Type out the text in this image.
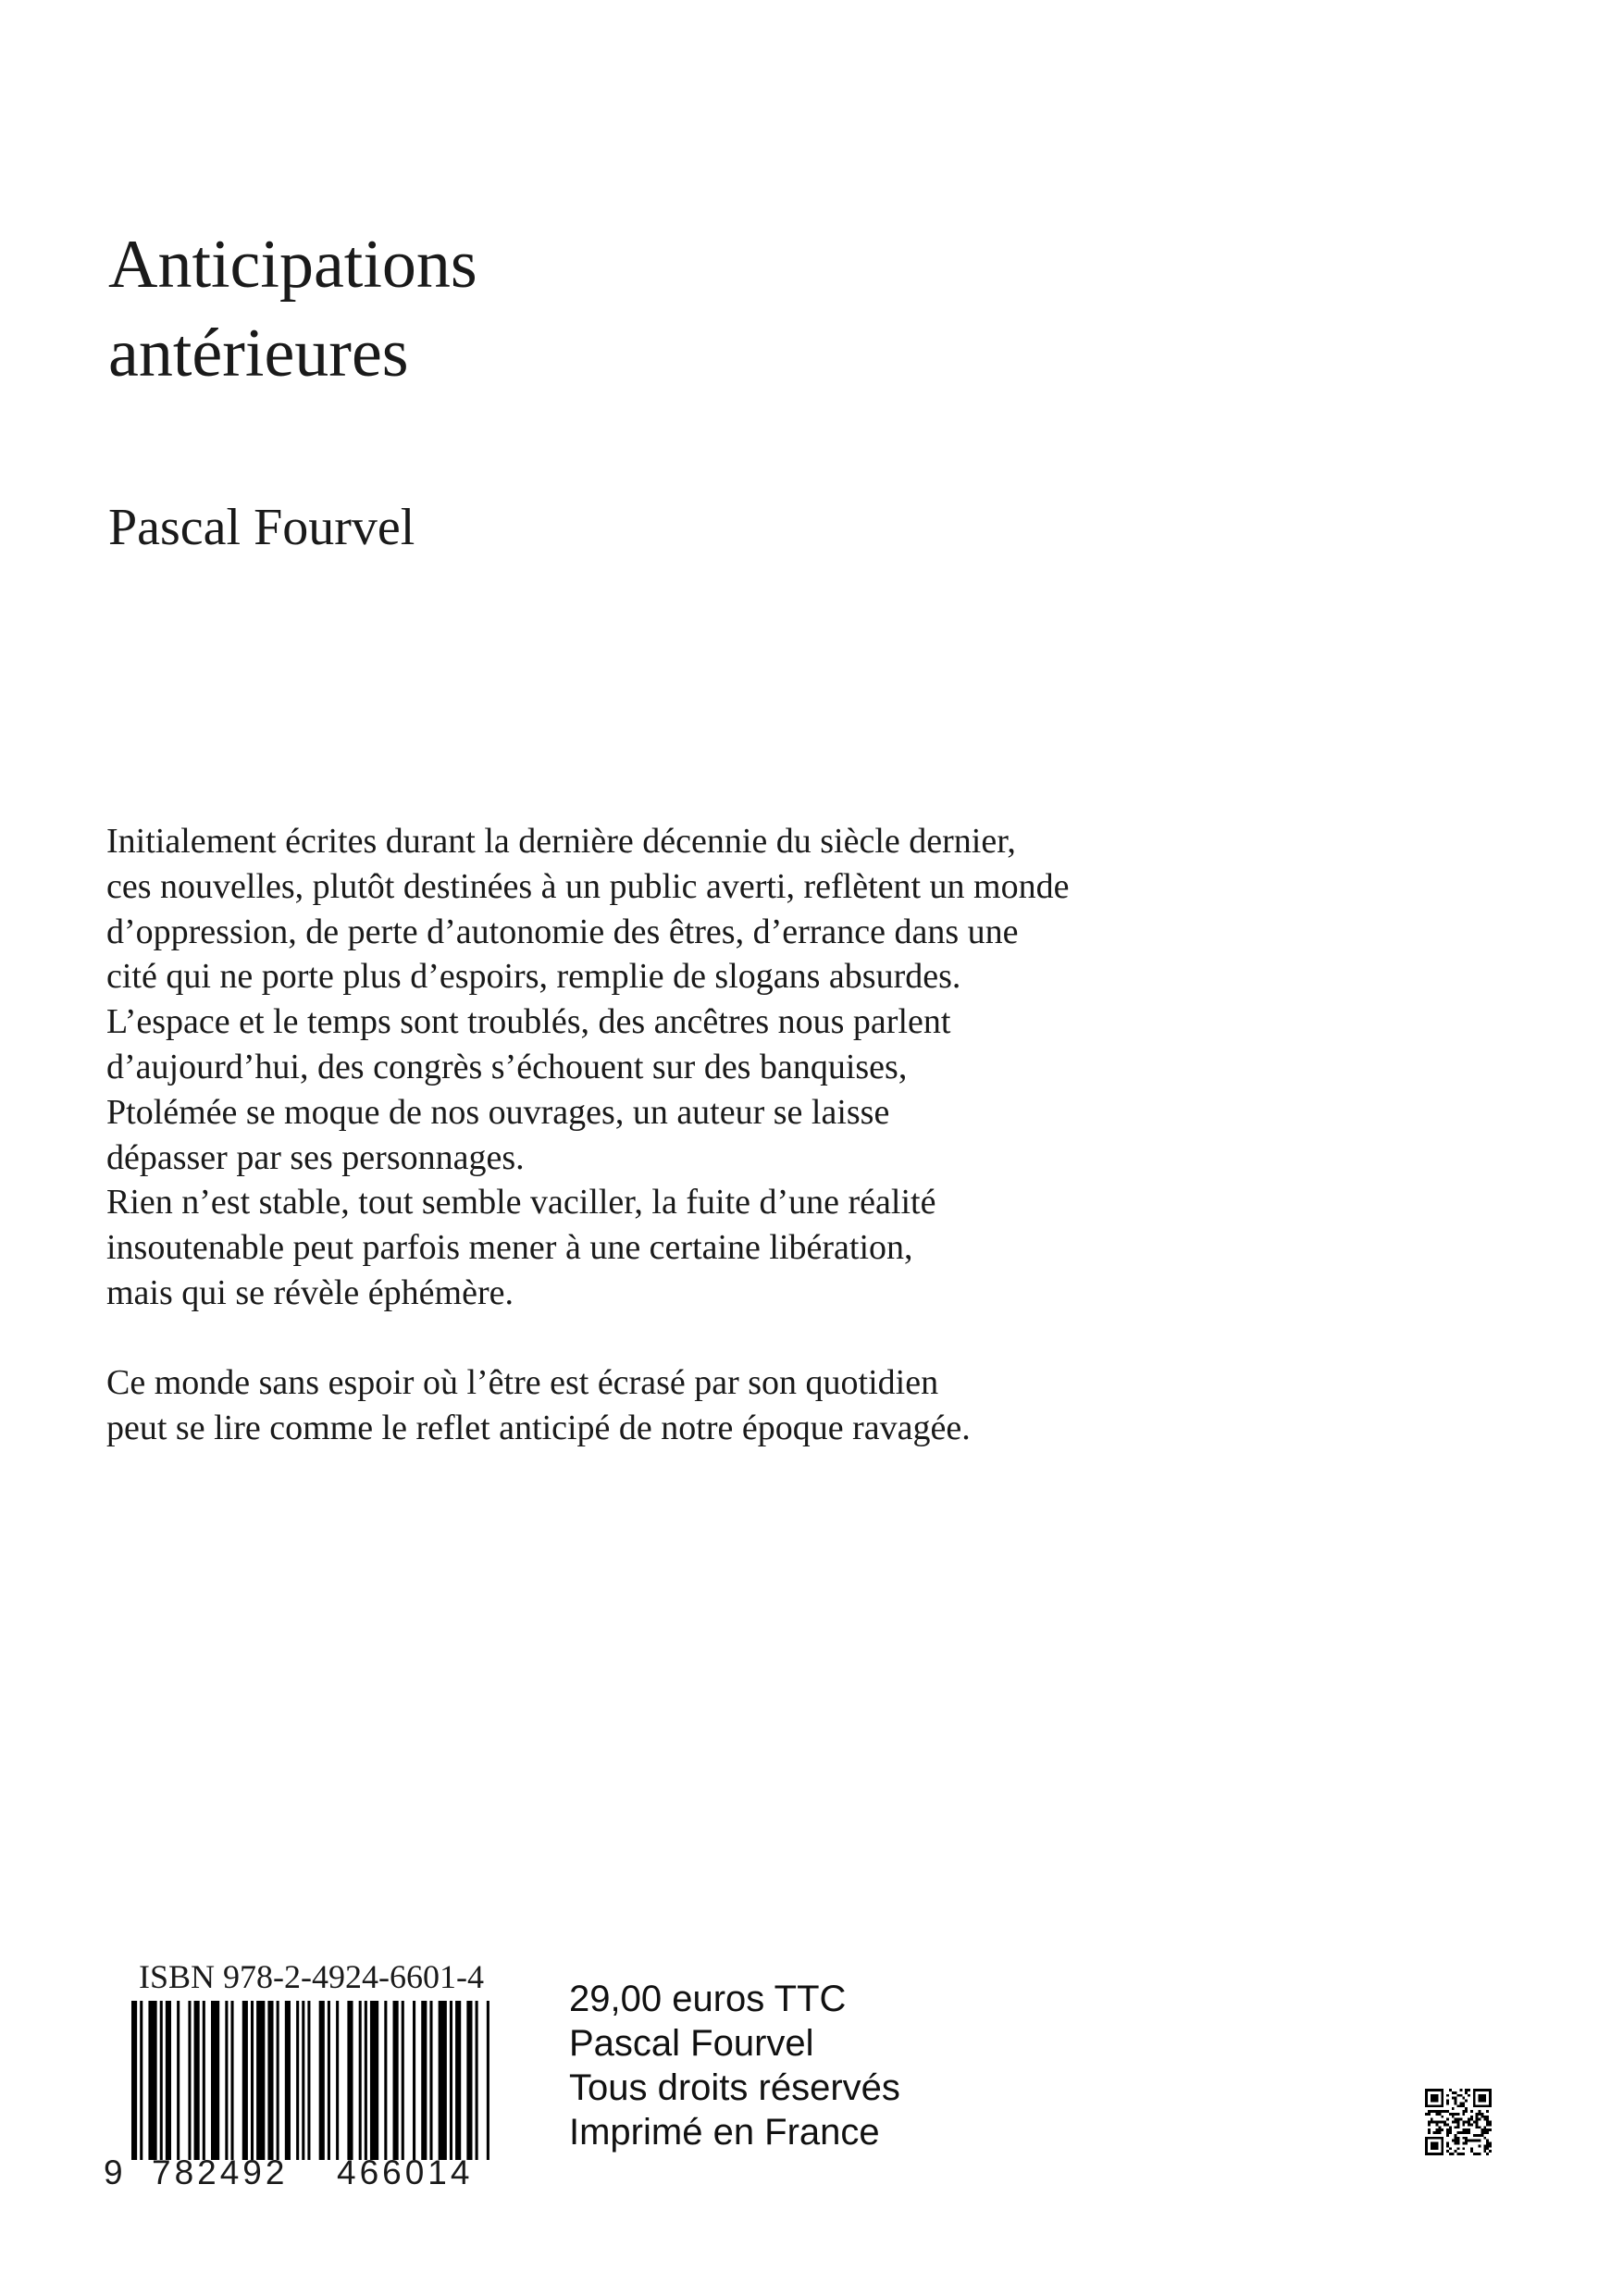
Anticipations
antérieures

Pascal Fourvel

Initialement écrites durant la dernière décennie du siècle dernier,
ces nouvelles, plutôt destinées à un public averti, reflètent un monde
d’oppression, de perte d’autonomie des êtres, d’errance dans une
cité qui ne porte plus d’espoirs, remplie de slogans absurdes.
L’espace et le temps sont troublés, des ancêtres nous parlent
d’aujourd’hui, des congrès s’échouent sur des banquises,
Ptolémée se moque de nos ouvrages, un auteur se laisse
dépasser par ses personnages.
Rien n’est stable, tout semble vaciller, la fuite d’une réalité
insoutenable peut parfois mener à une certaine libération,
mais qui se révèle éphémère.
Ce monde sans espoir où l’être est écrasé par son quotidien
peut se lire comme le reflet anticipé de notre époque ravagée.
ISBN 978-2-4924-6601-4
9 782492 466014
29,00 euros TTC
Pascal Fourvel
Tous droits réservés
Imprimé en France
